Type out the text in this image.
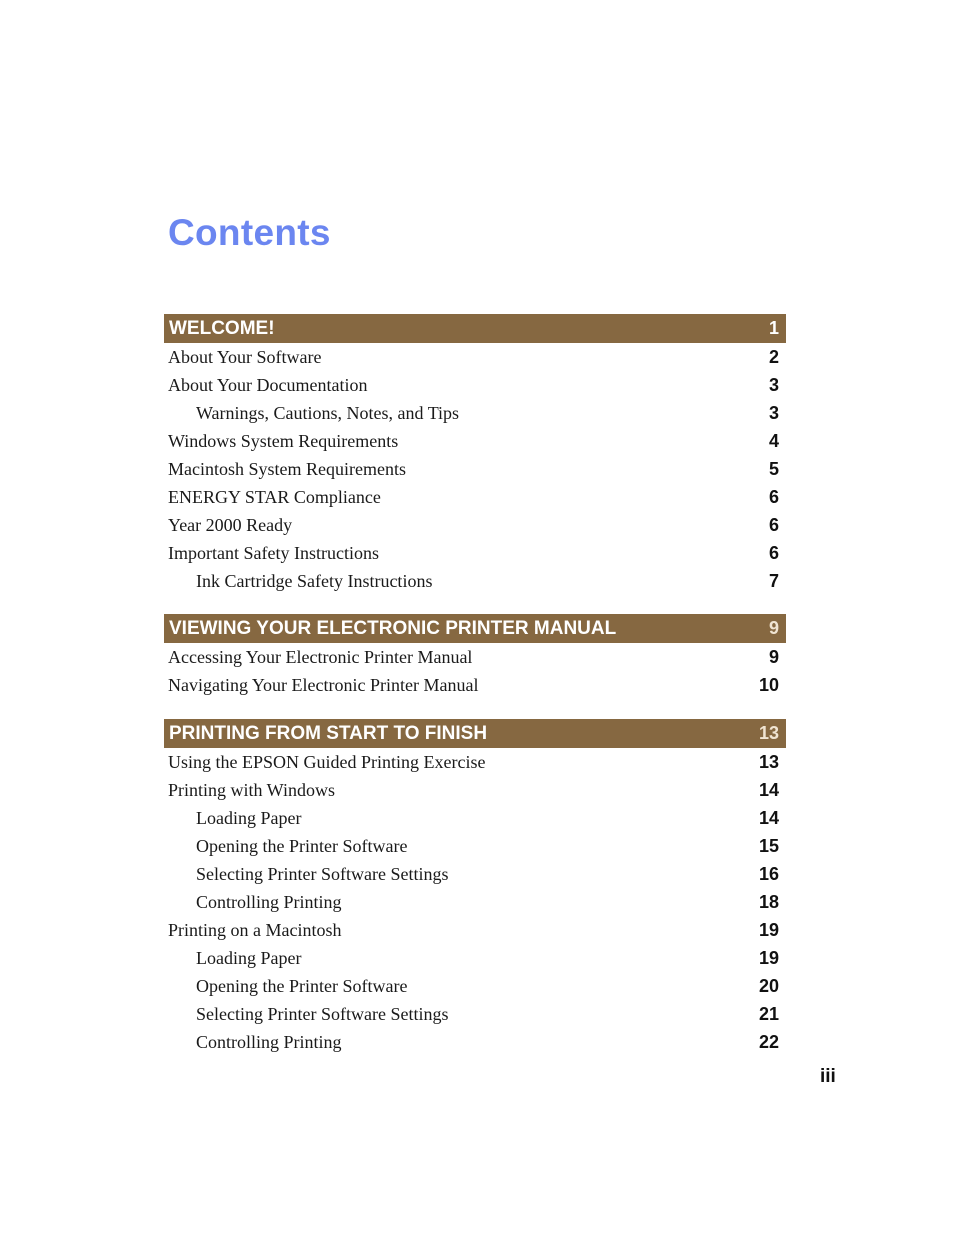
Contents
WELCOME!	1
About Your Software	2
About Your Documentation	3
Warnings, Cautions, Notes, and Tips	3
Windows System Requirements	4
Macintosh System Requirements	5
ENERGY STAR Compliance	6
Year 2000 Ready	6
Important Safety Instructions	6
Ink Cartridge Safety Instructions	7
VIEWING YOUR ELECTRONIC PRINTER MANUAL	9
Accessing Your Electronic Printer Manual	9
Navigating Your Electronic Printer Manual	10
PRINTING FROM START TO FINISH	13
Using the EPSON Guided Printing Exercise	13
Printing with Windows	14
Loading Paper	14
Opening the Printer Software	15
Selecting Printer Software Settings	16
Controlling Printing	18
Printing on a Macintosh	19
Loading Paper	19
Opening the Printer Software	20
Selecting Printer Software Settings	21
Controlling Printing	22
iii
